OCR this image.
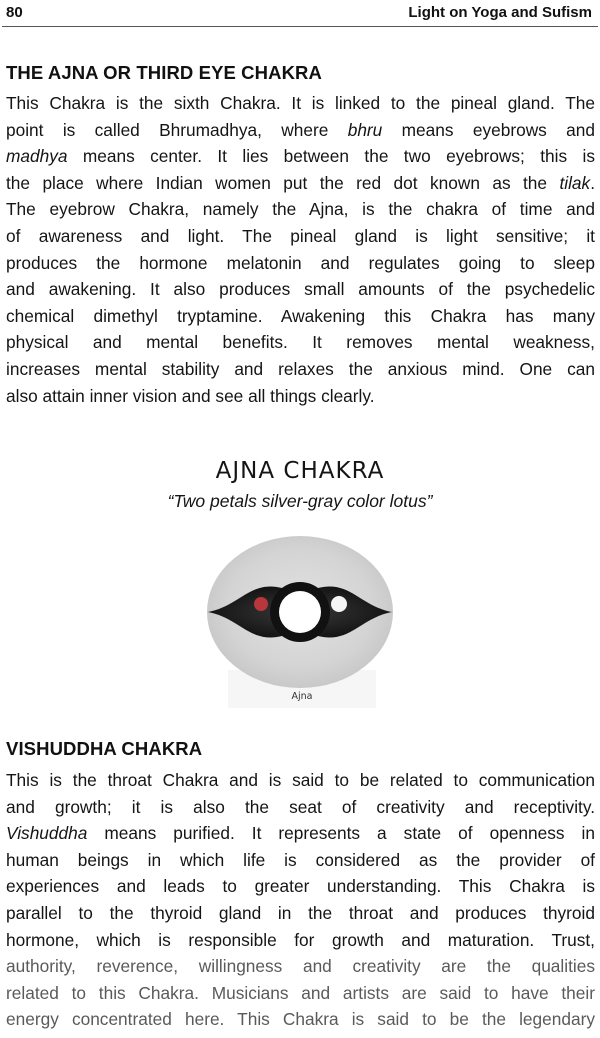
80	Light on Yoga and Sufism
THE AJNA OR THIRD EYE CHAKRA
This Chakra is the sixth Chakra. It is linked to the pineal gland. The
point is called Bhrumadhya, where bhru means eyebrows and
madhya means center. It lies between the two eyebrows; this is
the place where Indian women put the red dot known as the tilak.
The eyebrow Chakra, namely the Ajna, is the chakra of time and
of awareness and light. The pineal gland is light sensitive; it
produces the hormone melatonin and regulates going to sleep
and awakening. It also produces small amounts of the psychedelic
chemical dimethyl tryptamine. Awakening this Chakra has many
physical and mental benefits. It removes mental weakness,
increases mental stability and relaxes the anxious mind. One can
also attain inner vision and see all things clearly.
AJNA CHAKRA
“Two petals silver-gray color lotus”
Ajna
VISHUDDHA CHAKRA
This is the throat Chakra and is said to be related to communication
and growth; it is also the seat of creativity and receptivity.
Vishuddha means purified. It represents a state of openness in
human beings in which life is considered as the provider of
experiences and leads to greater understanding. This Chakra is
parallel to the thyroid gland in the throat and produces thyroid
hormone, which is responsible for growth and maturation. Trust,
authority, reverence, willingness and creativity are the qualities
related to this Chakra. Musicians and artists are said to have their
energy concentrated here. This Chakra is said to be the legendary
